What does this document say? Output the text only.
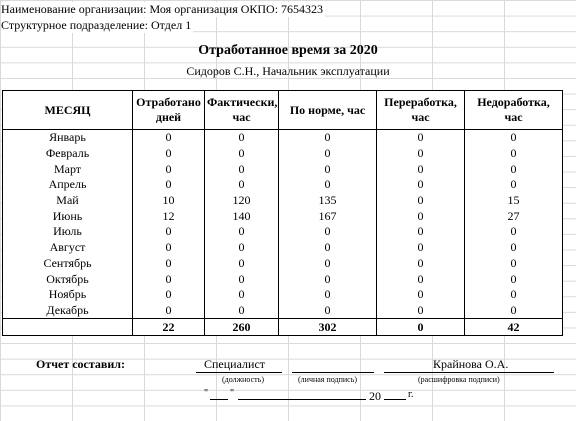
Наименование организации: Моя организация ОКПО: 7654323
Структурное подразделение: Отдел 1
Отработанное время за 2020
Сидоров С.Н., Начальник эксплуатации
МЕСЯЦ	Отработано дней	Фактически, час	По норме, час	Переработка, час	Недоработка, час
Январь	0	0	0	0	0
Февраль	0	0	0	0	0
Март	0	0	0	0	0
Апрель	0	0	0	0	0
Май	10	120	135	0	15
Июнь	12	140	167	0	27
Июль	0	0	0	0	0
Август	0	0	0	0	0
Сентябрь	0	0	0	0	0
Октябрь	0	0	0	0	0
Ноябрь	0	0	0	0	0
Декабрь	0	0	0	0	0
	22	260	302	0	42
Отчет составил:	Специалист	Крайнова О.А.
(должность)	(личная подпись)	(расшифровка подписи)
" "	20	г.
